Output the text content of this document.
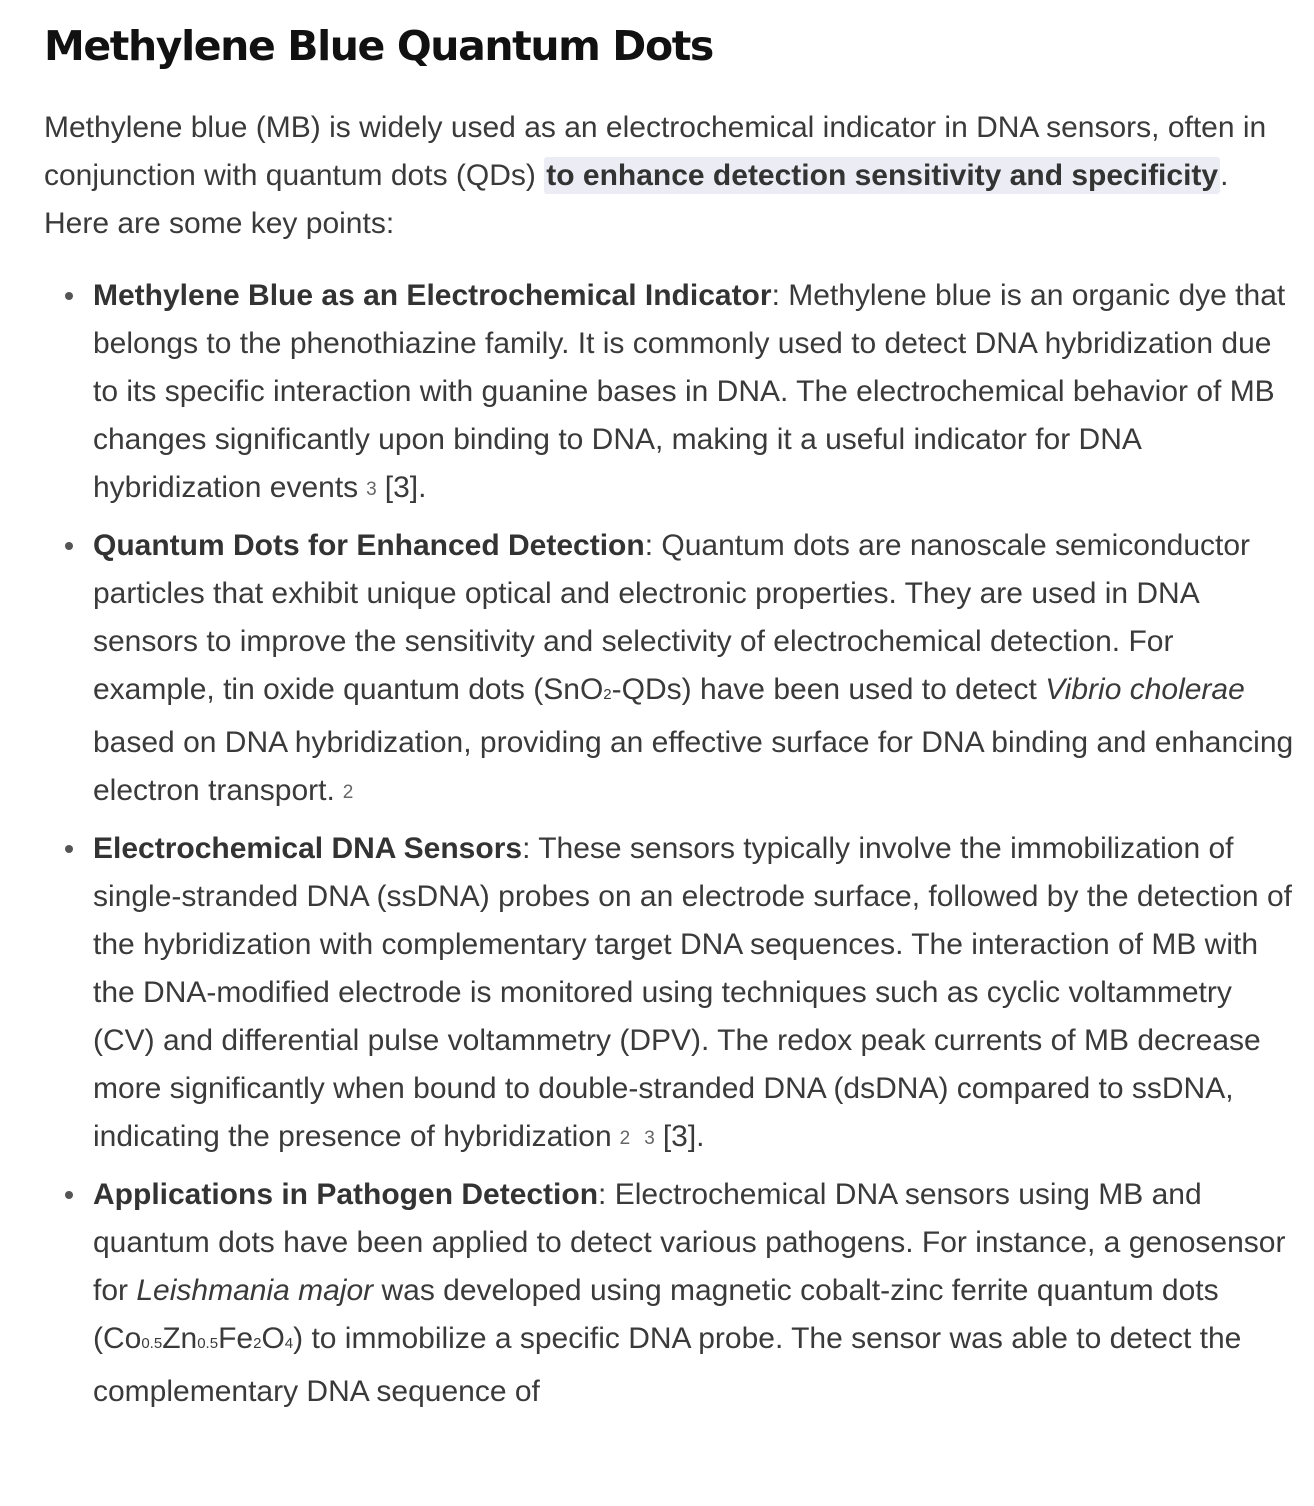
Methylene Blue Quantum Dots

Methylene blue (MB) is widely used as an electrochemical indicator in DNA sensors, often in conjunction with quantum dots (QDs) to enhance detection sensitivity and specificity. Here are some key points:

Methylene Blue as an Electrochemical Indicator: Methylene blue is an organic dye that belongs to the phenothiazine family. It is commonly used to detect DNA hybridization due to its specific interaction with guanine bases in DNA. The electrochemical behavior of MB changes significantly upon binding to DNA, making it a useful indicator for DNA hybridization events 3 [3].
Quantum Dots for Enhanced Detection: Quantum dots are nanoscale semiconductor particles that exhibit unique optical and electronic properties. They are used in DNA sensors to improve the sensitivity and selectivity of electrochemical detection. For example, tin oxide quantum dots (SnO2-QDs) have been used to detect Vibrio cholerae based on DNA hybridization, providing an effective surface for DNA binding and enhancing electron transport. 2
Electrochemical DNA Sensors: These sensors typically involve the immobilization of single-stranded DNA (ssDNA) probes on an electrode surface, followed by the detection of the hybridization with complementary target DNA sequences. The interaction of MB with the DNA-modified electrode is monitored using techniques such as cyclic voltammetry (CV) and differential pulse voltammetry (DPV). The redox peak currents of MB decrease more significantly when bound to double-stranded DNA (dsDNA) compared to ssDNA, indicating the presence of hybridization 2 3 [3].
Applications in Pathogen Detection: Electrochemical DNA sensors using MB and quantum dots have been applied to detect various pathogens. For instance, a genosensor for Leishmania major was developed using magnetic cobalt-zinc ferrite quantum dots (Co0.5Zn0.5Fe2O4) to immobilize a specific DNA probe. The sensor was able to detect the complementary DNA sequence of
